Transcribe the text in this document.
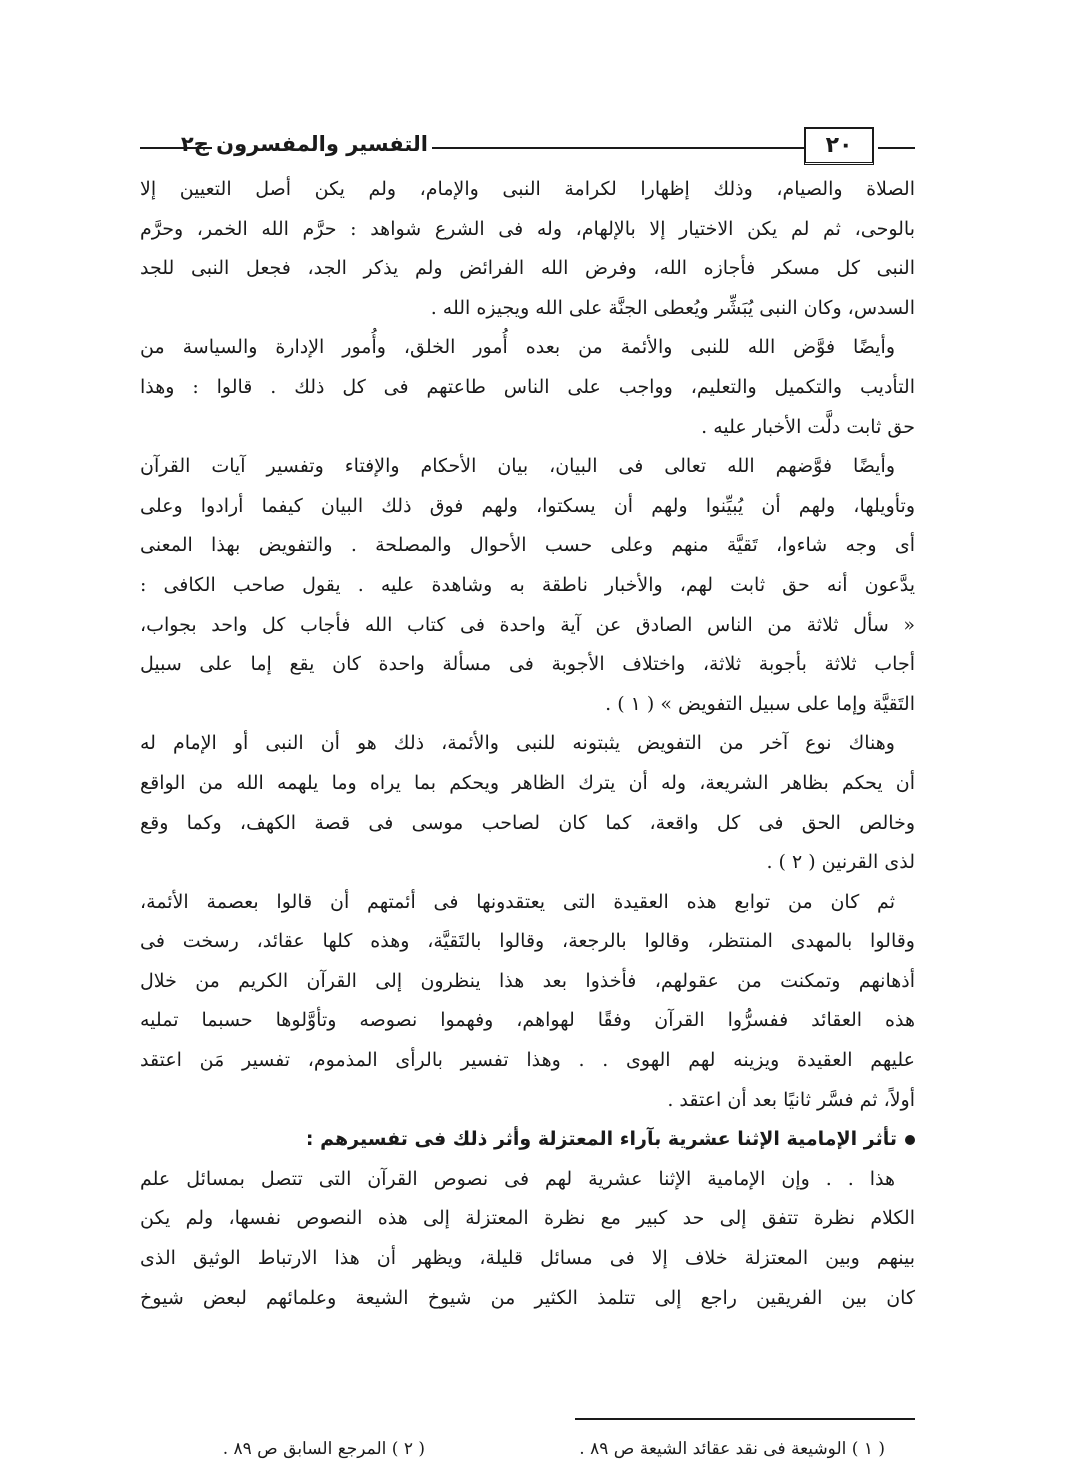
التفسير والمفسرون ج٢	٢٠
الصلاة والصيام، وذلك إظهارا لكرامة النبى والإمام، ولم يكن أصل التعيين إلا
بالوحى، ثم لم يكن الاختيار إلا بالإلهام، وله فى الشرع شواهد : حرَّم الله الخمر، وحرَّم
النبى كل مسكر فأجازه الله، وفرض الله الفرائض ولم يذكر الجد، فجعل النبى للجد
السدس، وكان النبى يُبَشِّر ويُعطى الجنَّة على الله ويجيزه الله .
وأيضًا فوَّض الله للنبى والأئمة من بعده أُمور الخلق، وأُمور الإدارة والسياسة من
التأديب والتكميل والتعليم، وواجب على الناس طاعتهم فى كل ذلك . قالوا : وهذا
حق ثابت دلَّت الأخبار عليه .
وأيضًا فوَّضهم الله تعالى فى البيان، بيان الأحكام والإفتاء وتفسير آيات القرآن
وتأويلها، ولهم أن يُبيِّنوا ولهم أن يسكتوا، ولهم فوق ذلك البيان كيفما أرادوا وعلى
أى وجه شاءوا، تَقيَّة منهم وعلى حسب الأحوال والمصلحة . والتفويض بهذا المعنى
يدَّعون أنه حق ثابت لهم، والأخبار ناطقة به وشاهدة عليه . يقول صاحب الكافى :
« سأل ثلاثة من الناس الصادق عن آية واحدة فى كتاب الله فأجاب كل واحد بجواب،
أجاب ثلاثة بأجوبة ثلاثة، واختلاف الأجوبة فى مسألة واحدة كان يقع إما على سبيل
التَقيَّة وإما على سبيل التفويض » ( ١ ) .
وهناك نوع آخر من التفويض يثبتونه للنبى والأئمة، ذلك هو أن النبى أو الإمام له
أن يحكم بظاهر الشريعة، وله أن يترك الظاهر ويحكم بما يراه وما يلهمه الله من الواقع
وخالص الحق فى كل واقعة، كما كان لصاحب موسى فى قصة الكهف، وكما وقع
لذى القرنين ( ٢ ) .
ثم كان من توابع هذه العقيدة التى يعتقدونها فى أئمتهم أن قالوا بعصمة الأئمة،
وقالوا بالمهدى المنتظر، وقالوا بالرجعة، وقالوا بالتَقيَّة، وهذه كلها عقائد، رسخت فى
أذهانهم وتمكنت من عقولهم، فأخذوا بعد هذا ينظرون إلى القرآن الكريم من خلال
هذه العقائد ففسرُّوا القرآن وفقًا لهواهم، وفهموا نصوصه وتأوَّلوها حسبما تمليه
عليهم العقيدة ويزينه لهم الهوى . . وهذا تفسير بالرأى المذموم، تفسير مَن اعتقد
أولاً، ثم فسَّر ثانيًا بعد أن اعتقد .
تأثر الإمامية الإثنا عشرية بآراء المعتزلة وأثر ذلك فى تفسيرهم :
هذا . . وإن الإمامية الإثنا عشرية لهم فى نصوص القرآن التى تتصل بمسائل علم
الكلام نظرة تتفق إلى حد كبير مع نظرة المعتزلة إلى هذه النصوص نفسها، ولم يكن
بينهم وبين المعتزلة خلاف إلا فى مسائل قليلة، ويظهر أن هذا الارتباط الوثيق الذى
كان بين الفريقين راجع إلى تتلمذ الكثير من شيوخ الشيعة وعلمائهم لبعض شيوخ
( ١ ) الوشيعة فى نقد عقائد الشيعة ص ٨٩ .
( ٢ ) المرجع السابق ص ٨٩ .
